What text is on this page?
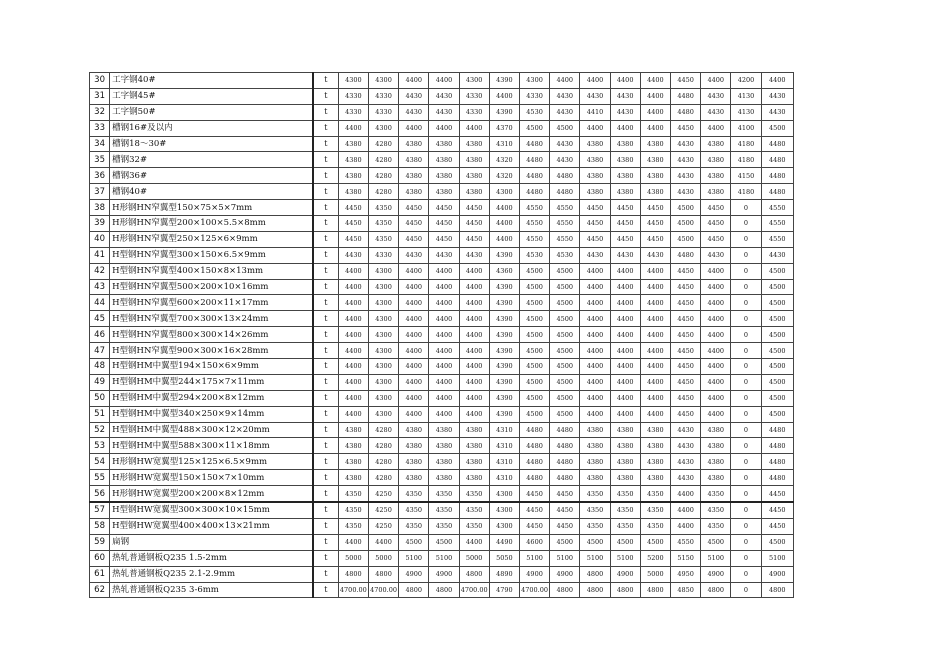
30	工字钢40#	t	4300	4300	4400	4400	4300	4390	4300	4400	4400	4400	4400	4450	4400	4200	4400
31	工字钢45#	t	4330	4330	4430	4430	4330	4400	4330	4430	4430	4430	4400	4480	4430	4130	4430
32	工字钢50#	t	4330	4330	4430	4430	4330	4390	4530	4430	4410	4430	4400	4480	4430	4130	4430
33	槽钢16#及以内	t	4400	4300	4400	4400	4400	4370	4500	4500	4400	4400	4400	4450	4400	4100	4500
34	槽钢18～30#	t	4380	4280	4380	4380	4380	4310	4480	4430	4380	4380	4380	4430	4380	4180	4480
35	槽钢32#	t	4380	4280	4380	4380	4380	4320	4480	4430	4380	4380	4380	4430	4380	4180	4480
36	槽钢36#	t	4380	4280	4380	4380	4380	4320	4480	4480	4380	4380	4380	4430	4380	4150	4480
37	槽钢40#	t	4380	4280	4380	4380	4380	4300	4480	4480	4380	4380	4380	4430	4380	4180	4480
38	H形钢HN窄翼型150×75×5×7mm	t	4450	4350	4450	4450	4450	4400	4550	4550	4450	4450	4450	4500	4450	0	4550
39	H形钢HN窄翼型200×100×5.5×8mm	t	4450	4350	4450	4450	4450	4400	4550	4550	4450	4450	4450	4500	4450	0	4550
40	H形钢HN窄翼型250×125×6×9mm	t	4450	4350	4450	4450	4450	4400	4550	4550	4450	4450	4450	4500	4450	0	4550
41	H型钢HN窄翼型300×150×6.5×9mm	t	4430	4330	4430	4430	4430	4390	4530	4530	4430	4430	4430	4480	4430	0	4430
42	H型钢HN窄翼型400×150×8×13mm	t	4400	4300	4400	4400	4400	4360	4500	4500	4400	4400	4400	4450	4400	0	4500
43	H型钢HN窄翼型500×200×10×16mm	t	4400	4300	4400	4400	4400	4390	4500	4500	4400	4400	4400	4450	4400	0	4500
44	H型钢HN窄翼型600×200×11×17mm	t	4400	4300	4400	4400	4400	4390	4500	4500	4400	4400	4400	4450	4400	0	4500
45	H型钢HN窄翼型700×300×13×24mm	t	4400	4300	4400	4400	4400	4390	4500	4500	4400	4400	4400	4450	4400	0	4500
46	H型钢HN窄翼型800×300×14×26mm	t	4400	4300	4400	4400	4400	4390	4500	4500	4400	4400	4400	4450	4400	0	4500
47	H型钢HN窄翼型900×300×16×28mm	t	4400	4300	4400	4400	4400	4390	4500	4500	4400	4400	4400	4450	4400	0	4500
48	H型钢HM中翼型194×150×6×9mm	t	4400	4300	4400	4400	4400	4390	4500	4500	4400	4400	4400	4450	4400	0	4500
49	H型钢HM中翼型244×175×7×11mm	t	4400	4300	4400	4400	4400	4390	4500	4500	4400	4400	4400	4450	4400	0	4500
50	H型钢HM中翼型294×200×8×12mm	t	4400	4300	4400	4400	4400	4390	4500	4500	4400	4400	4400	4450	4400	0	4500
51	H型钢HM中翼型340×250×9×14mm	t	4400	4300	4400	4400	4400	4390	4500	4500	4400	4400	4400	4450	4400	0	4500
52	H型钢HM中翼型488×300×12×20mm	t	4380	4280	4380	4380	4380	4310	4480	4480	4380	4380	4380	4430	4380	0	4480
53	H型钢HM中翼型588×300×11×18mm	t	4380	4280	4380	4380	4380	4310	4480	4480	4380	4380	4380	4430	4380	0	4480
54	H形钢HW宽翼型125×125×6.5×9mm	t	4380	4280	4380	4380	4380	4310	4480	4480	4380	4380	4380	4430	4380	0	4480
55	H形钢HW宽翼型150×150×7×10mm	t	4380	4280	4380	4380	4380	4310	4480	4480	4380	4380	4380	4430	4380	0	4480
56	H形钢HW宽翼型200×200×8×12mm	t	4350	4250	4350	4350	4350	4300	4450	4450	4350	4350	4350	4400	4350	0	4450
57	H型钢HW宽翼型300×300×10×15mm	t	4350	4250	4350	4350	4350	4300	4450	4450	4350	4350	4350	4400	4350	0	4450
58	H型钢HW宽翼型400×400×13×21mm	t	4350	4250	4350	4350	4350	4300	4450	4450	4350	4350	4350	4400	4350	0	4450
59	扁钢	t	4400	4400	4500	4500	4400	4490	4600	4500	4500	4500	4500	4550	4500	0	4500
60	热轧普通钢板Q235 1.5-2mm	t	5000	5000	5100	5100	5000	5050	5100	5100	5100	5100	5200	5150	5100	0	5100
61	热轧普通钢板Q235 2.1-2.9mm	t	4800	4800	4900	4900	4800	4890	4900	4900	4800	4900	5000	4950	4900	0	4900
62	热轧普通钢板Q235 3-6mm	t	4700.00	4700.00	4800	4800	4700.00	4790	4700.00	4800	4800	4800	4800	4850	4800	0	4800
